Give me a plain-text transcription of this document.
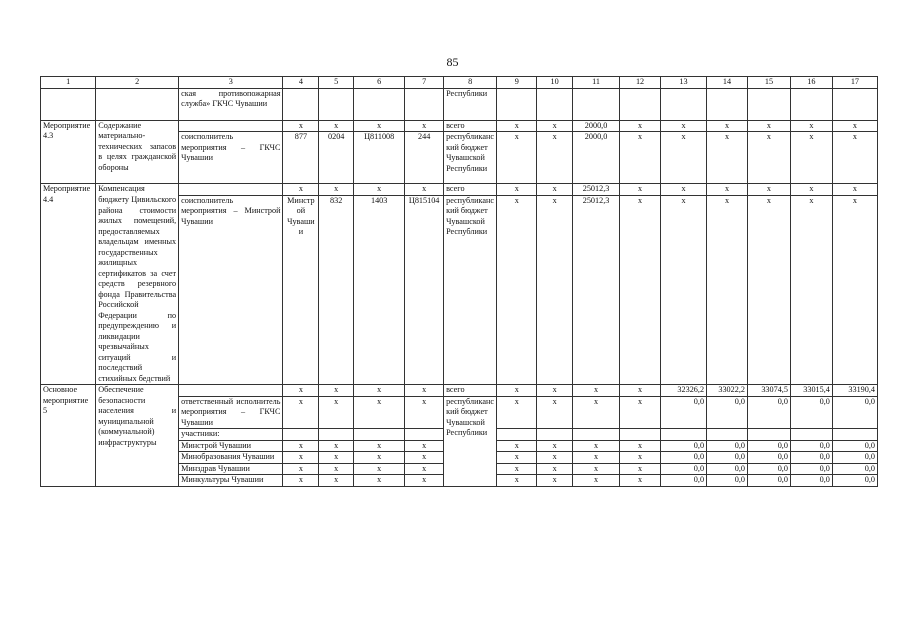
85
1	2	3	4	5	6	7	8	9	10	11	12	13	14	15	16	17
		ская противопожарная служба» ГКЧС Чувашии					Республики									
Мероприятие 4.3	Содержание материально-технических запасов в целях гражданской обороны		x	x	x	x	всего	x	x	2000,0	x	x	x	x	x	x
		соисполнитель мероприятия – ГКЧС Чувашии	877	0204	Ц811008	244	республиканский бюджет Чувашской Республики	x	x	2000,0	x	x	x	x	x	x
Мероприятие 4.4	Компенсация		x	x	x	x	всего	x	x	25012,3	x	x	x	x	x	x
	бюджету Цивильского района стоимости жилых помещений, предоставляемых владельцам именных государственных жилищных сертификатов за счет средств резервного фонда Правительства Российской Федерации по предупреждению и ликвидации чрезвычайных ситуаций и последствий стихийных бедствий	соисполнитель мероприятия – Минстрой Чувашии	Минстрой Чувашии	832	1403	Ц815104	республиканский бюджет Чувашской Республики	x	x	25012,3	x	x	x	x	x	x
Основное мероприятие 5	Обеспечение безопасности населения и муниципальной (коммунальной) инфраструктуры		x	x	x	x	всего	x	x	x	x	32326,2	33022,2	33074,5	33015,4	33190,4
		ответственный исполнитель мероприятия – ГКЧС Чувашии	x	x	x	x	республиканский бюджет Чувашской Республики	x	x	x	x	0,0	0,0	0,0	0,0	0,0

		участники:														
		Минстрой Чувашии	x	x	x	x		x	x	x	x	0,0	0,0	0,0	0,0	0,0
		Минобразования Чувашии	x	x	x	x		x	x	x	x	0,0	0,0	0,0	0,0	0,0
		Минздрав Чувашии	x	x	x	x		x	x	x	x	0,0	0,0	0,0	0,0	0,0
		Минкультуры Чувашии	x	x	x	x		x	x	x	x	0,0	0,0	0,0	0,0	0,0
